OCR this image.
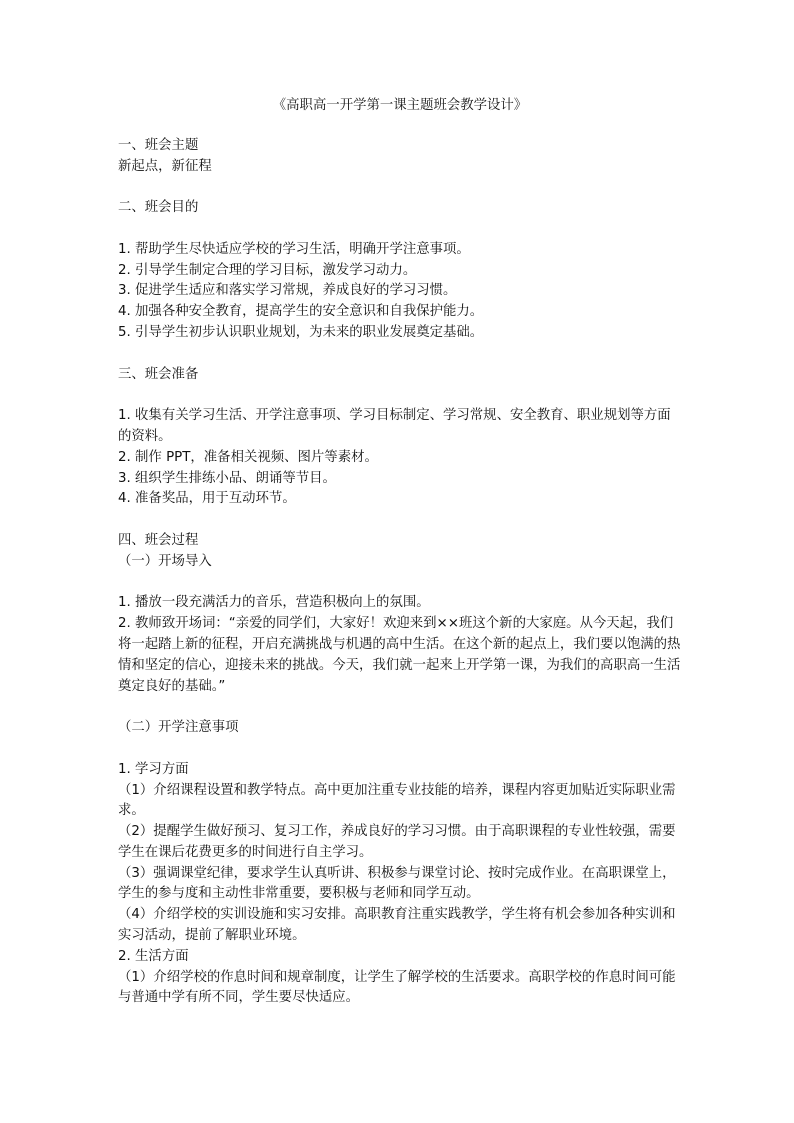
《高职高一开学第一课主题班会教学设计》

一、班会主题

新起点，新征程

二、班会目的

1. 帮助学生尽快适应学校的学习生活，明确开学注意事项。

2. 引导学生制定合理的学习目标，激发学习动力。

3. 促进学生适应和落实学习常规，养成良好的学习习惯。

4. 加强各种安全教育，提高学生的安全意识和自我保护能力。

5. 引导学生初步认识职业规划，为未来的职业发展奠定基础。

三、班会准备

1. 收集有关学习生活、开学注意事项、学习目标制定、学习常规、安全教育、职业规划等方面的资料。

2. 制作 PPT，准备相关视频、图片等素材。

3. 组织学生排练小品、朗诵等节目。

4. 准备奖品，用于互动环节。

四、班会过程

（一）开场导入

1. 播放一段充满活力的音乐，营造积极向上的氛围。

2. 教师致开场词：“亲爱的同学们，大家好！欢迎来到××班这个新的大家庭。从今天起，我们将一起踏上新的征程，开启充满挑战与机遇的高中生活。在这个新的起点上，我们要以饱满的热情和坚定的信心，迎接未来的挑战。今天，我们就一起来上开学第一课，为我们的高职高一生活奠定良好的基础。”

（二）开学注意事项

1. 学习方面

（1）介绍课程设置和教学特点。高中更加注重专业技能的培养，课程内容更加贴近实际职业需求。

（2）提醒学生做好预习、复习工作，养成良好的学习习惯。由于高职课程的专业性较强，需要学生在课后花费更多的时间进行自主学习。

（3）强调课堂纪律，要求学生认真听讲、积极参与课堂讨论、按时完成作业。在高职课堂上，学生的参与度和主动性非常重要，要积极与老师和同学互动。

（4）介绍学校的实训设施和实习安排。高职教育注重实践教学，学生将有机会参加各种实训和实习活动，提前了解职业环境。

2. 生活方面

（1）介绍学校的作息时间和规章制度，让学生了解学校的生活要求。高职学校的作息时间可能与普通中学有所不同，学生要尽快适应。
